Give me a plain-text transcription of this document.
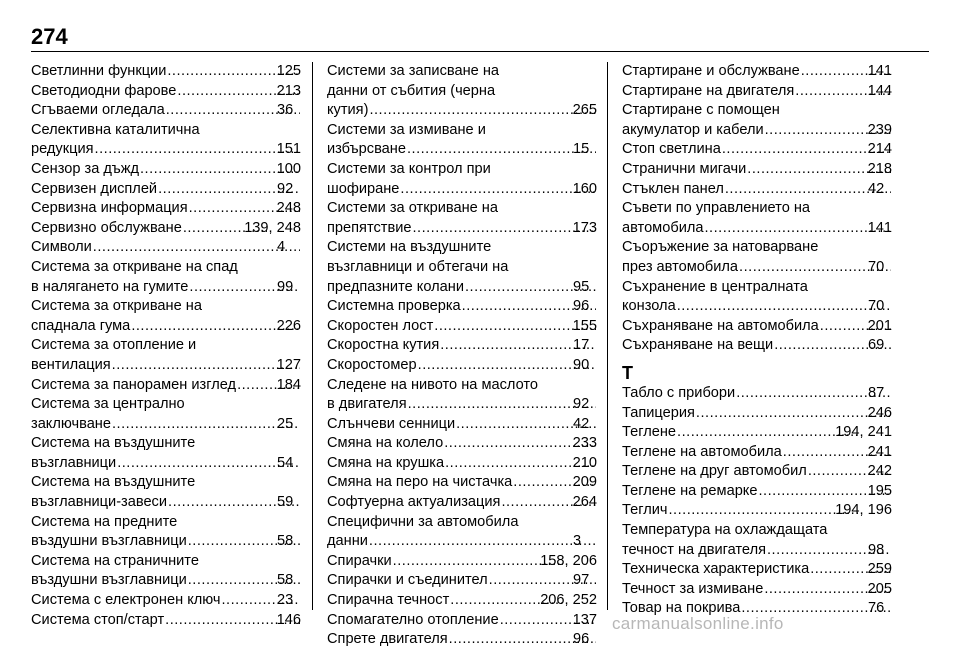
274
Светлинни функции .....	125
Светодиодни фарове .....	213
Сгъваеми огледала .....	36
Селективна каталитична
редукция .....	151
Сензор за дъжд .....	100
Сервизен дисплей .....	92
Сервизна информация .....	248
Сервизно обслужване .....	139, 248
Символи .....	4
Система за откриване на спад
в налягането на гумите .....	99
Система за откриване на
спаднала гума .....	226
Система за отопление и
вентилация .....	127
Система за панорамен изглед .....	184
Система за централно
заключване .....	25
Система на въздушните
възглавници .....	54
Система на въздушните
възглавници-завеси .....	59
Система на предните
въздушни възглавници .....	58
Система на страничните
въздушни възглавници .....	58
Система с електронен ключ .....	23
Система стоп/старт .....	146
Системи за записване на
данни от събития (черна
кутия) .....	265
Системи за измиване и
избърсване .....	15
Системи за контрол при
шофиране .....	160
Системи за откриване на
препятствие .....	173
Системи на въздушните
възглавници и обтегачи на
предпазните колани .....	95
Системна проверка .....	96
Скоростен лост .....	155
Скоростна кутия .....	17
Скоростомер .....	90
Следене на нивото на маслото
в двигателя .....	92
Слънчеви сенници .....	42
Смяна на колело .....	233
Смяна на крушка .....	210
Смяна на перо на чистачка .....	209
Софтуерна актуализация .....	264
Специфични за автомобила
данни .....	3
Спирачки .....	158, 206
Спирачки и съединител .....	97
Спирачна течност .....	206, 252
Спомагателно отопление .....	137
Спрете двигателя .....	96
Стартиране и обслужване .....	141
Стартиране на двигателя .....	144
Стартиране с помощен
акумулатор и кабели .....	239
Стоп светлина .....	214
Странични мигачи .....	218
Стъклен панел .....	42
Съвети по управлението на
автомобила .....	141
Съоръжение за натоварване
през автомобила .....	70
Съхранение в централната
конзола .....	70
Съхраняване на автомобила .....	201
Съхраняване на вещи .....	69
Т
Табло с прибори .....	87
Тапицерия .....	246
Теглене .....	194, 241
Теглене на автомобила .....	241
Теглене на друг автомобил .....	242
Теглене на ремарке .....	195
Теглич .....	194, 196
Температура на охлаждащата
течност на двигателя .....	98
Техническа характеристика .....	259
Течност за измиване .....	205
Товар на покрива .....	76
carmanualsonline.info
